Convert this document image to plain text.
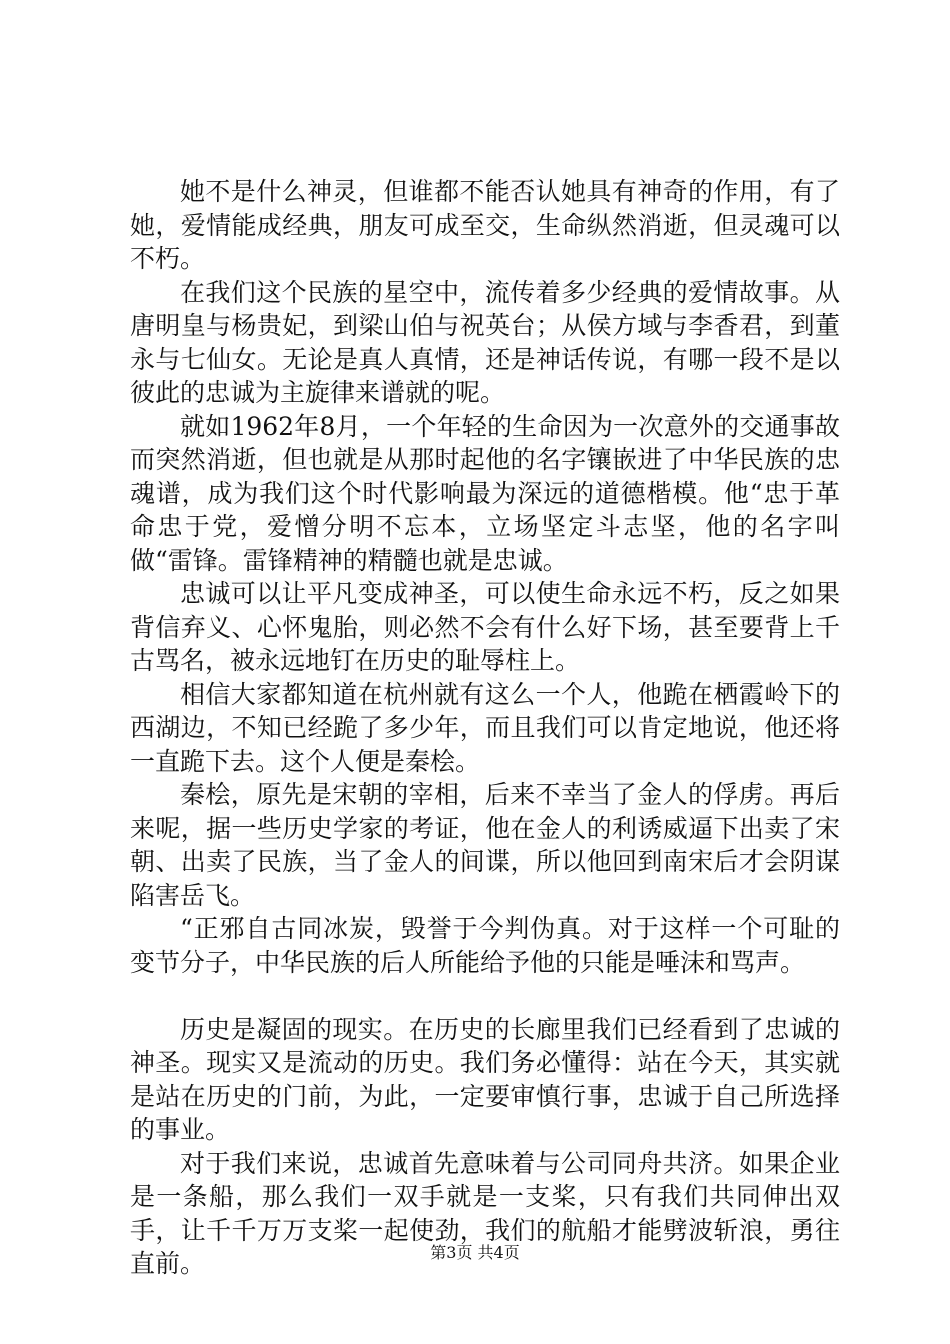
她不是什么神灵，但谁都不能否认她具有神奇的作用，有了她，爱情能成经典，朋友可成至交，生命纵然消逝，但灵魂可以不朽。

在我们这个民族的星空中，流传着多少经典的爱情故事。从唐明皇与杨贵妃，到梁山伯与祝英台；从侯方域与李香君，到董永与七仙女。无论是真人真情，还是神话传说，有哪一段不是以彼此的忠诚为主旋律来谱就的呢。

就如1962年8月，一个年轻的生命因为一次意外的交通事故而突然消逝，但也就是从那时起他的名字镶嵌进了中华民族的忠魂谱，成为我们这个时代影响最为深远的道德楷模。他“忠于革命忠于党，爱憎分明不忘本，立场坚定斗志坚，他的名字叫做“雷锋。雷锋精神的精髓也就是忠诚。

忠诚可以让平凡变成神圣，可以使生命永远不朽，反之如果背信弃义、心怀鬼胎，则必然不会有什么好下场，甚至要背上千古骂名，被永远地钉在历史的耻辱柱上。

相信大家都知道在杭州就有这么一个人，他跪在栖霞岭下的西湖边，不知已经跪了多少年，而且我们可以肯定地说，他还将一直跪下去。这个人便是秦桧。

秦桧，原先是宋朝的宰相，后来不幸当了金人的俘虏。再后来呢，据一些历史学家的考证，他在金人的利诱威逼下出卖了宋朝、出卖了民族，当了金人的间谍，所以他回到南宋后才会阴谋陷害岳飞。

“正邪自古同冰炭，毁誉于今判伪真。对于这样一个可耻的变节分子，中华民族的后人所能给予他的只能是唾沫和骂声。

历史是凝固的现实。在历史的长廊里我们已经看到了忠诚的神圣。现实又是流动的历史。我们务必懂得：站在今天，其实就是站在历史的门前，为此，一定要审慎行事，忠诚于自己所选择的事业。

对于我们来说，忠诚首先意味着与公司同舟共济。如果企业是一条船，那么我们一双手就是一支桨，只有我们共同伸出双手，让千千万万支桨一起使劲，我们的航船才能劈波斩浪，勇往直前。	第3页 共4页
